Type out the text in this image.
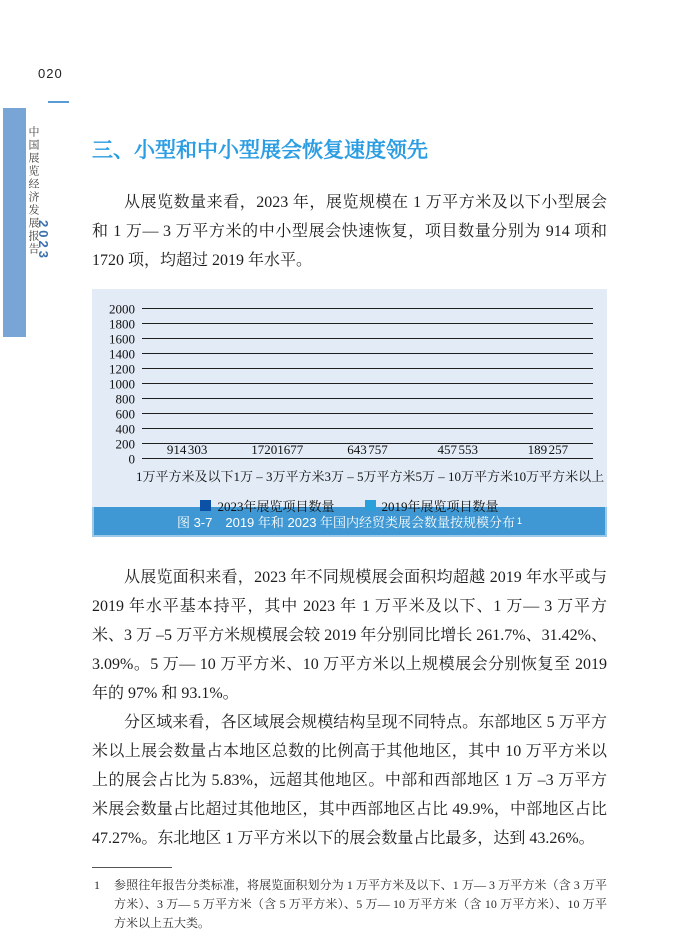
020
中国展览经济发展报告
2023
三、小型和中小型展会恢复速度领先

从展览数量来看，2023 年，展览规模在 1 万平方米及以下小型展会和 1 万— 3 万平方米的中小型展会快速恢复，项目数量分别为 914 项和 1720 项，均超过 2019 年水平。

0
200
400
600
800
1000
1200
1400
1600
1800
2000
914 303	1720 1677	643 757	457 553	189 257
1万平方米及以下 1万 – 3万平方米 3万 – 5万平方米 5万 – 10万平方米 10万平方米以上
2023年展览项目数量	2019年展览项目数量
图 3-7　2019 年和 2023 年国内经贸类展会数量按规模分布 1

从展览面积来看，2023 年不同规模展会面积均超越 2019 年水平或与 2019 年水平基本持平，其中 2023 年 1 万平米及以下、1 万— 3 万平方米、3 万 –5 万平方米规模展会较 2019 年分别同比增长 261.7%、31.42%、3.09%。5 万— 10 万平方米、10 万平方米以上规模展会分别恢复至 2019 年的 97% 和 93.1%。

分区域来看，各区域展会规模结构呈现不同特点。东部地区 5 万平方米以上展会数量占本地区总数的比例高于其他地区，其中 10 万平方米以上的展会占比为 5.83%，远超其他地区。中部和西部地区 1 万 –3 万平方米展会数量占比超过其他地区，其中西部地区占比 49.9%，中部地区占比 47.27%。东北地区 1 万平方米以下的展会数量占比最多，达到 43.26%。

1 参照往年报告分类标准，将展览面积划分为 1 万平方米及以下、1 万— 3 万平方米（含 3 万平方米）、3 万— 5 万平方米（含 5 万平方米）、5 万— 10 万平方米（含 10 万平方米）、10 万平方米以上五大类。
